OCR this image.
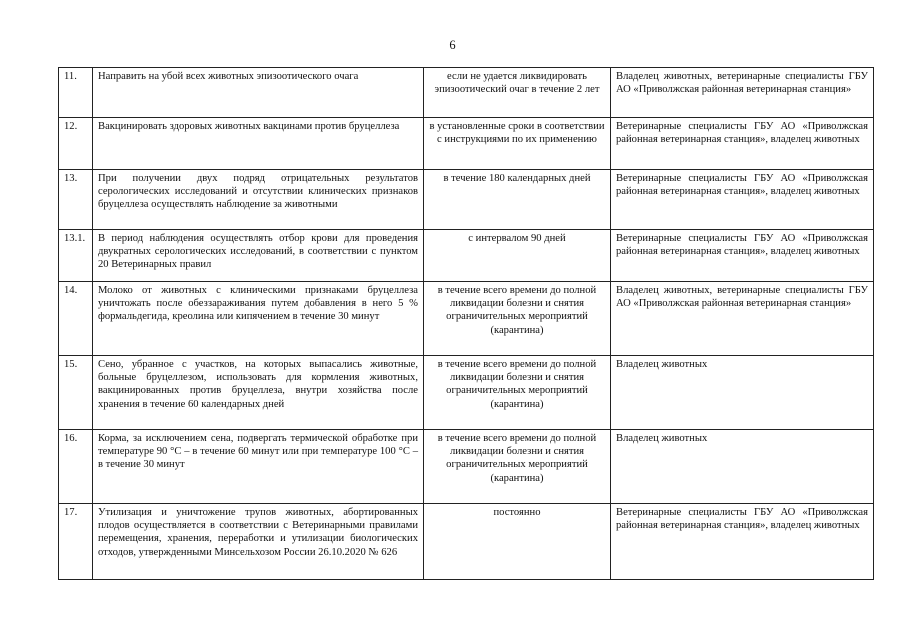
6
11.	Направить на убой всех животных эпизоотического очага	если не удается ликвидировать эпизоотический очаг в течение 2 лет	Владелец животных, ветеринарные специалисты ГБУ АО «Приволжская районная ветеринарная станция»
12.	Вакцинировать здоровых животных вакцинами против бруцеллеза	в установленные сроки в соответствии с инструкциями по их применению	Ветеринарные специалисты ГБУ АО «Приволжская районная ветеринарная станция», владелец животных
13.	При получении двух подряд отрицательных результатов серологических исследований и отсутствии клинических признаков бруцеллеза осуществлять наблюдение за животными	в течение 180 календарных дней	Ветеринарные специалисты ГБУ АО «Приволжская районная ветеринарная станция», владелец животных
13.1.	В период наблюдения осуществлять отбор крови для проведения двукратных серологических исследований, в соответствии с пунктом 20 Ветеринарных правил	с интервалом 90 дней	Ветеринарные специалисты ГБУ АО «Приволжская районная ветеринарная станция», владелец животных
14.	Молоко от животных с клиническими признаками бруцеллеза уничтожать после обеззараживания путем добавления в него 5 % формальдегида, креолина или кипячением в течение 30 минут	в течение всего времени до полной ликвидации болезни и снятия ограничительных мероприятий (карантина)	Владелец животных, ветеринарные специалисты ГБУ АО «Приволжская районная ветеринарная станция»
15.	Сено, убранное с участков, на которых выпасались животные, больные бруцеллезом, использовать для кормления животных, вакцинированных против бруцеллеза, внутри хозяйства после хранения в течение 60 календарных дней	в течение всего времени до полной ликвидации болезни и снятия ограничительных мероприятий (карантина)	Владелец животных
16.	Корма, за исключением сена, подвергать термической обработке при температуре 90 °С – в течение 60 минут или при температуре 100 °С – в течение 30 минут	в течение всего времени до полной ликвидации болезни и снятия ограничительных мероприятий (карантина)	Владелец животных
17.	Утилизация и уничтожение трупов животных, абортированных плодов осуществляется в соответствии с Ветеринарными правилами перемещения, хранения, переработки и утилизации биологических отходов, утвержденными Минсельхозом России 26.10.2020 № 626	постоянно	Ветеринарные специалисты ГБУ АО «Приволжская районная ветеринарная станция», владелец животных
